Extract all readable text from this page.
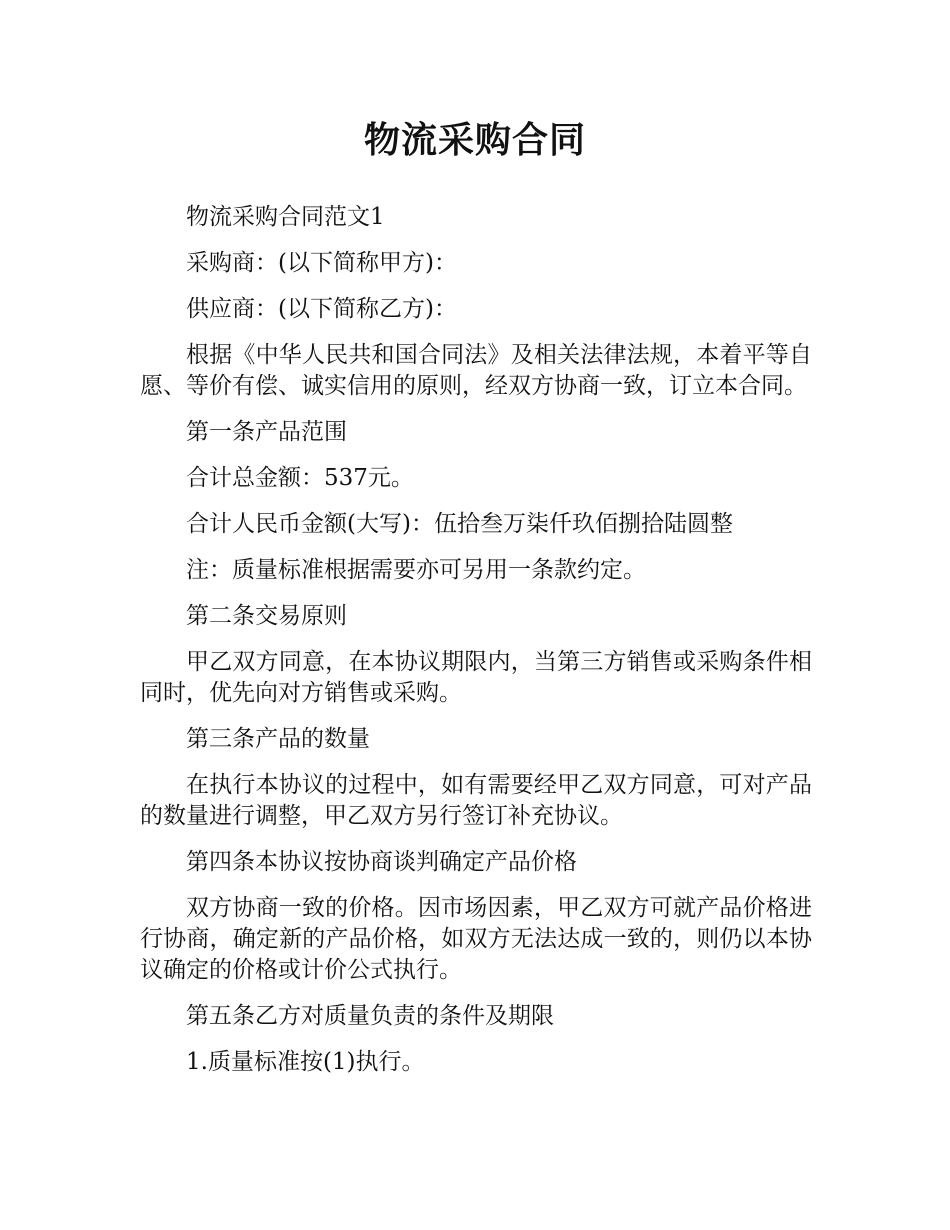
物流采购合同

物流采购合同范文1

采购商：(以下简称甲方)：

供应商：(以下简称乙方)：

根据《中华人民共和国合同法》及相关法律法规，本着平等自愿、等价有偿、诚实信用的原则，经双方协商一致，订立本合同。

第一条产品范围

合计总金额：537元。

合计人民币金额(大写)：伍拾叁万柒仟玖佰捌拾陆圆整

注：质量标准根据需要亦可另用一条款约定。

第二条交易原则

甲乙双方同意，在本协议期限内，当第三方销售或采购条件相同时，优先向对方销售或采购。

第三条产品的数量

在执行本协议的过程中，如有需要经甲乙双方同意，可对产品的数量进行调整，甲乙双方另行签订补充协议。

第四条本协议按协商谈判确定产品价格

双方协商一致的价格。因市场因素，甲乙双方可就产品价格进行协商，确定新的产品价格，如双方无法达成一致的，则仍以本协议确定的价格或计价公式执行。

第五条乙方对质量负责的条件及期限

1.质量标准按(1)执行。
